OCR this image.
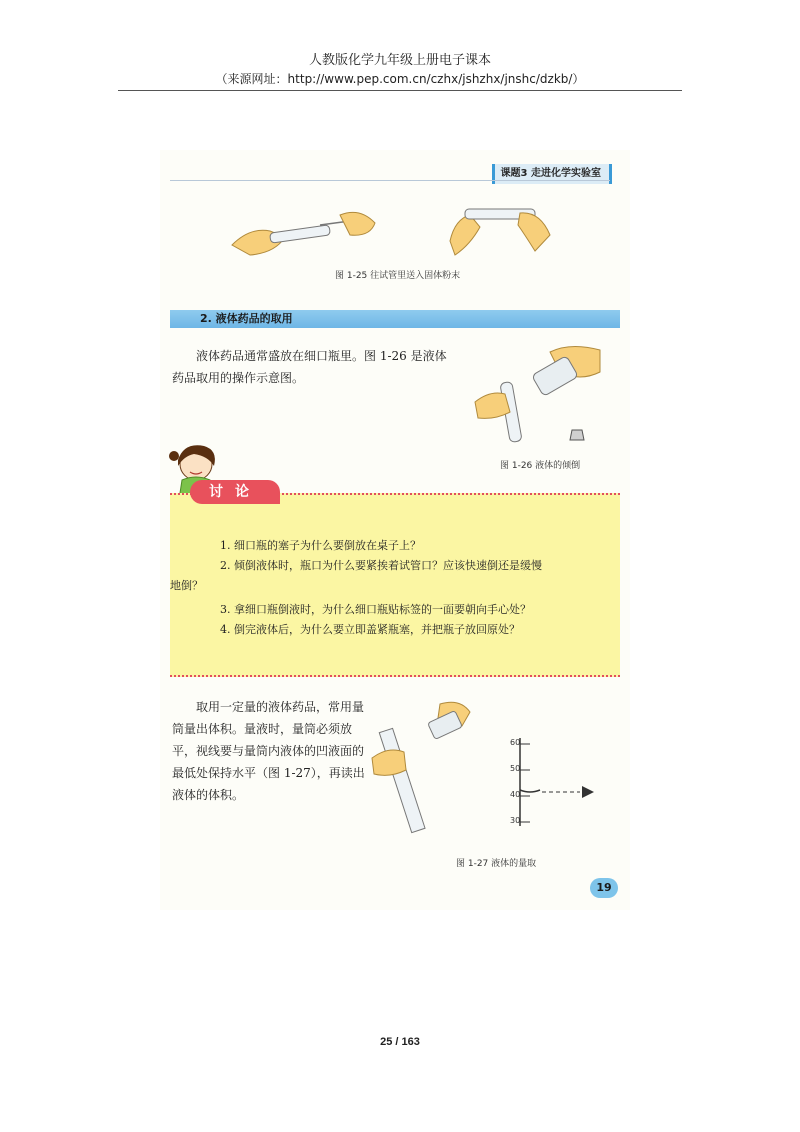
人教版化学九年级上册电子课本
（来源网址：http://www.pep.com.cn/czhx/jshzhx/jnshc/dzkb/）
课题3 走进化学实验室
图 1-25 往试管里送入固体粉末
2. 液体药品的取用
液体药品通常盛放在细口瓶里。图 1-26 是液体药品取用的操作示意图。
图 1-26 液体的倾倒
讨论
1. 细口瓶的塞子为什么要倒放在桌子上？
2. 倾倒液体时，瓶口为什么要紧挨着试管口？应该快速倒还是缓慢地倒？
3. 拿细口瓶倒液时，为什么细口瓶贴标签的一面要朝向手心处？
4. 倒完液体后，为什么要立即盖紧瓶塞，并把瓶子放回原处？
取用一定量的液体药品，常用量筒量出体积。量液时，量筒必须放平，视线要与量筒内液体的凹液面的最低处保持水平（图 1-27），再读出液体的体积。
60
50
40
30
图 1-27 液体的量取
19
25 / 163
